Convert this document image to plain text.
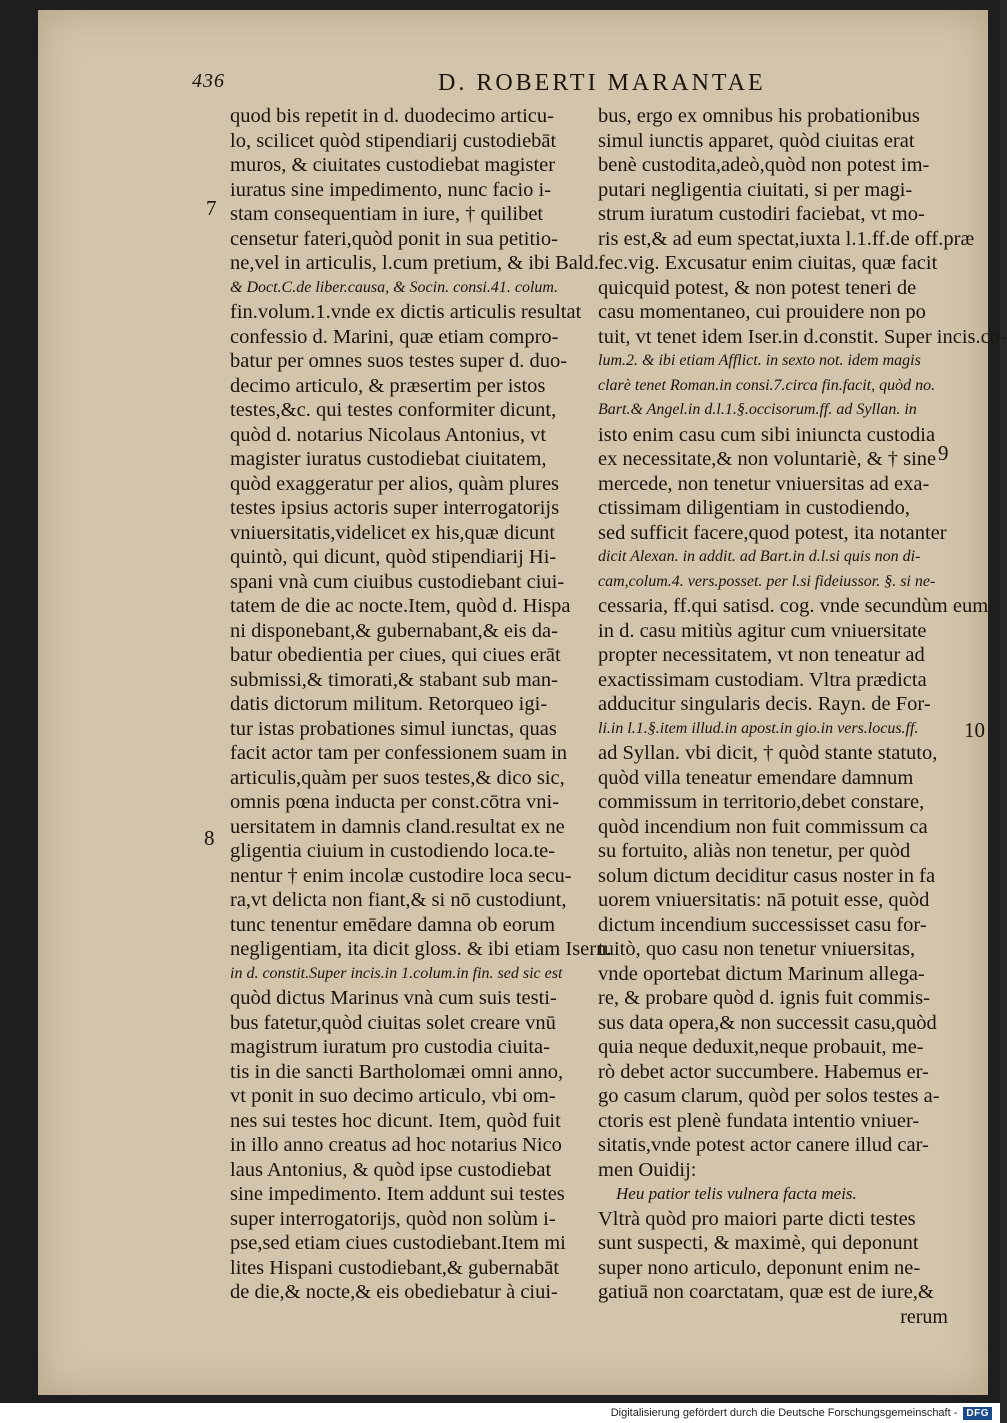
436	D. ROBERTI MARANTAE
7
8
9
10
quod bis repetit in d. duodecimo articu-
lo, scilicet quòd stipendiarij custodiebāt
muros, & ciuitates custodiebat magister
iuratus sine impedimento, nunc facio i-
stam consequentiam in iure, † quilibet
censetur fateri,quòd ponit in sua petitio-
ne,vel in articulis, l.cum pretium, & ibi Bald.
& Doct.C.de liber.causa, & Socin. consi.41. colum.
fin.volum.1.vnde ex dictis articulis resultat
confessio d. Marini, quæ etiam compro-
batur per omnes suos testes super d. duo-
decimo articulo, & præsertim per istos
testes,&c. qui testes conformiter dicunt,
quòd d. notarius Nicolaus Antonius, vt
magister iuratus custodiebat ciuitatem,
quòd exaggeratur per alios, quàm plures
testes ipsius actoris super interrogatorijs
vniuersitatis,videlicet ex his,quæ dicunt
quintò, qui dicunt, quòd stipendiarij Hi-
spani vnà cum ciuibus custodiebant ciui-
tatem de die ac nocte.Item, quòd d. Hispa
ni disponebant,& gubernabant,& eis da-
batur obedientia per ciues, qui ciues erāt
submissi,& timorati,& stabant sub man-
datis dictorum militum. Retorqueo igi-
tur istas probationes simul iunctas, quas
facit actor tam per confessionem suam in
articulis,quàm per suos testes,& dico sic,
omnis pœna inducta per const.cōtra vni-
uersitatem in damnis cland.resultat ex ne
gligentia ciuium in custodiendo loca.te-
nentur † enim incolæ custodire loca secu-
ra,vt delicta non fiant,& si nō custodiunt,
tunc tenentur emēdare damna ob eorum
negligentiam, ita dicit gloss. & ibi etiam Isern.
in d. constit.Super incis.in 1.colum.in fin. sed sic est
quòd dictus Marinus vnà cum suis testi-
bus fatetur,quòd ciuitas solet creare vnū
magistrum iuratum pro custodia ciuita-
tis in die sancti Bartholomæi omni anno,
vt ponit in suo decimo articulo, vbi om-
nes sui testes hoc dicunt. Item, quòd fuit
in illo anno creatus ad hoc notarius Nico
laus Antonius, & quòd ipse custodiebat
sine impedimento. Item addunt sui testes
super interrogatorijs, quòd non solùm i-
pse,sed etiam ciues custodiebant.Item mi
lites Hispani custodiebant,& gubernabāt
de die,& nocte,& eis obediebatur à ciui-
bus, ergo ex omnibus his probationibus
simul iunctis apparet, quòd ciuitas erat
benè custodita,adeò,quòd non potest im-
putari negligentia ciuitati, si per magi-
strum iuratum custodiri faciebat, vt mo-
ris est,& ad eum spectat,iuxta l.1.ff.de off.præ
fec.vig. Excusatur enim ciuitas, quæ facit
quicquid potest, & non potest teneri de
casu momentaneo, cui prouidere non po
tuit, vt tenet idem Iser.in d.constit. Super incis.co-
lum.2. & ibi etiam Afflict. in sexto not. idem magis
clarè tenet Roman.in consi.7.circa fin.facit, quòd no.
Bart.& Angel.in d.l.1.§.occisorum.ff. ad Syllan. in
isto enim casu cum sibi iniuncta custodia
ex necessitate,& non voluntariè, & † sine
mercede, non tenetur vniuersitas ad exa-
ctissimam diligentiam in custodiendo,
sed sufficit facere,quod potest, ita notanter
dicit Alexan. in addit. ad Bart.in d.l.si quis non di-
cam,colum.4. vers.posset. per l.si fideiussor. §. si ne-
cessaria, ff.qui satisd. cog. vnde secundùm eum
in d. casu mitiùs agitur cum vniuersitate
propter necessitatem, vt non teneatur ad
exactissimam custodiam. Vltra prædicta
adducitur singularis decis. Rayn. de For-
li.in l.1.§.item illud.in apost.in gio.in vers.locus.ff.
ad Syllan. vbi dicit, † quòd stante statuto,
quòd villa teneatur emendare damnum
commissum in territorio,debet constare,
quòd incendium non fuit commissum ca
su fortuito, aliàs non tenetur, per quòd
solum dictum deciditur casus noster in fa
uorem vniuersitatis: nā potuit esse, quòd
dictum incendium successisset casu for-
tuitò, quo casu non tenetur vniuersitas,
vnde oportebat dictum Marinum allega-
re, & probare quòd d. ignis fuit commis-
sus data opera,& non successit casu,quòd
quia neque deduxit,neque probauit, me-
rò debet actor succumbere. Habemus er-
go casum clarum, quòd per solos testes a-
ctoris est plenè fundata intentio vniuer-
sitatis,vnde potest actor canere illud car-
men Ouidij:
Heu patior telis vulnera facta meis.
Vltrà quòd pro maiori parte dicti testes
sunt suspecti, & maximè, qui deponunt
super nono articulo, deponunt enim ne-
gatiuā non coarctatam, quæ est de iure,&
rerum
Digitalisierung gefördert durch die Deutsche Forschungsgemeinschaft - DFG
